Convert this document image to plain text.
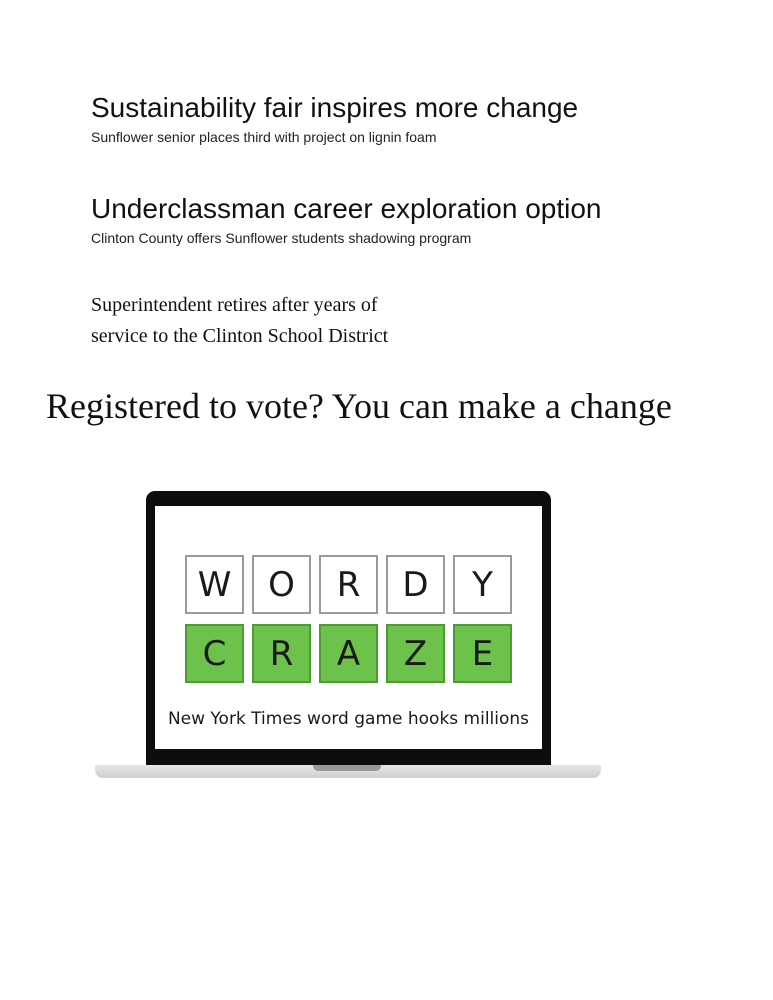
Sustainability fair inspires more change
Sunflower senior places third with project on lignin foam
Underclassman career exploration option
Clinton County offers Sunflower students shadowing program
Superintendent retires after years of
service to the Clinton School District
Registered to vote? You can make a change
W	O	R	D	Y
C	R	A	Z	E
New York Times word game hooks millions
